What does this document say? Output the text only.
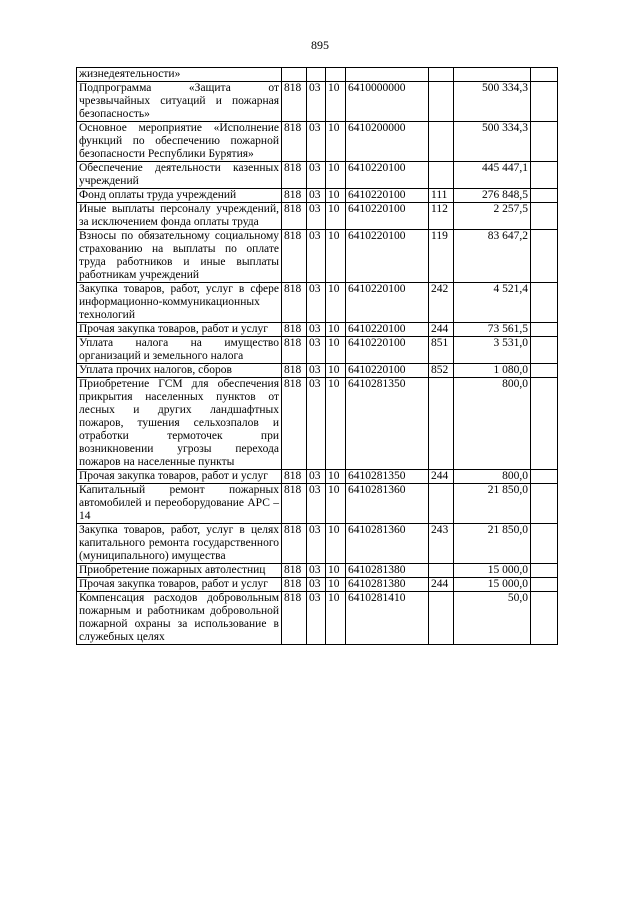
895
жизнедеятельности»							
Подпрограмма «Защита от чрезвычайных ситуаций и пожарная безопасность»	818	03	10	6410000000		500 334,3	
Основное мероприятие «Исполнение функций по обеспечению пожарной безопасности Республики Бурятия»	818	03	10	6410200000		500 334,3	
Обеспечение деятельности казенных учреждений	818	03	10	6410220100		445 447,1	
Фонд оплаты труда учреждений	818	03	10	6410220100	111	276 848,5	
Иные выплаты персоналу учреждений, за исключением фонда оплаты труда	818	03	10	6410220100	112	2 257,5	
Взносы по обязательному социальному страхованию на выплаты по оплате труда работников и иные выплаты работникам учреждений	818	03	10	6410220100	119	83 647,2	
Закупка товаров, работ, услуг в сфере информационно-коммуникационных технологий	818	03	10	6410220100	242	4 521,4	
Прочая закупка товаров, работ и услуг	818	03	10	6410220100	244	73 561,5	
Уплата налога на имущество организаций и земельного налога	818	03	10	6410220100	851	3 531,0	
Уплата прочих налогов, сборов	818	03	10	6410220100	852	1 080,0	
Приобретение ГСМ для обеспечения прикрытия населенных пунктов от лесных и других ландшафтных пожаров, тушения сельхозпалов и отработки термоточек при возникновении угрозы перехода пожаров на населенные пункты	818	03	10	6410281350		800,0	
Прочая закупка товаров, работ и услуг	818	03	10	6410281350	244	800,0	
Капитальный ремонт пожарных автомобилей и переоборудование АРС – 14	818	03	10	6410281360		21 850,0	
Закупка товаров, работ, услуг в целях капитального ремонта государственного (муниципального) имущества	818	03	10	6410281360	243	21 850,0	
Приобретение пожарных автолестниц	818	03	10	6410281380		15 000,0	
Прочая закупка товаров, работ и услуг	818	03	10	6410281380	244	15 000,0	
Компенсация расходов добровольным пожарным и работникам добровольной пожарной охраны за использование в служебных целях	818	03	10	6410281410		50,0	
